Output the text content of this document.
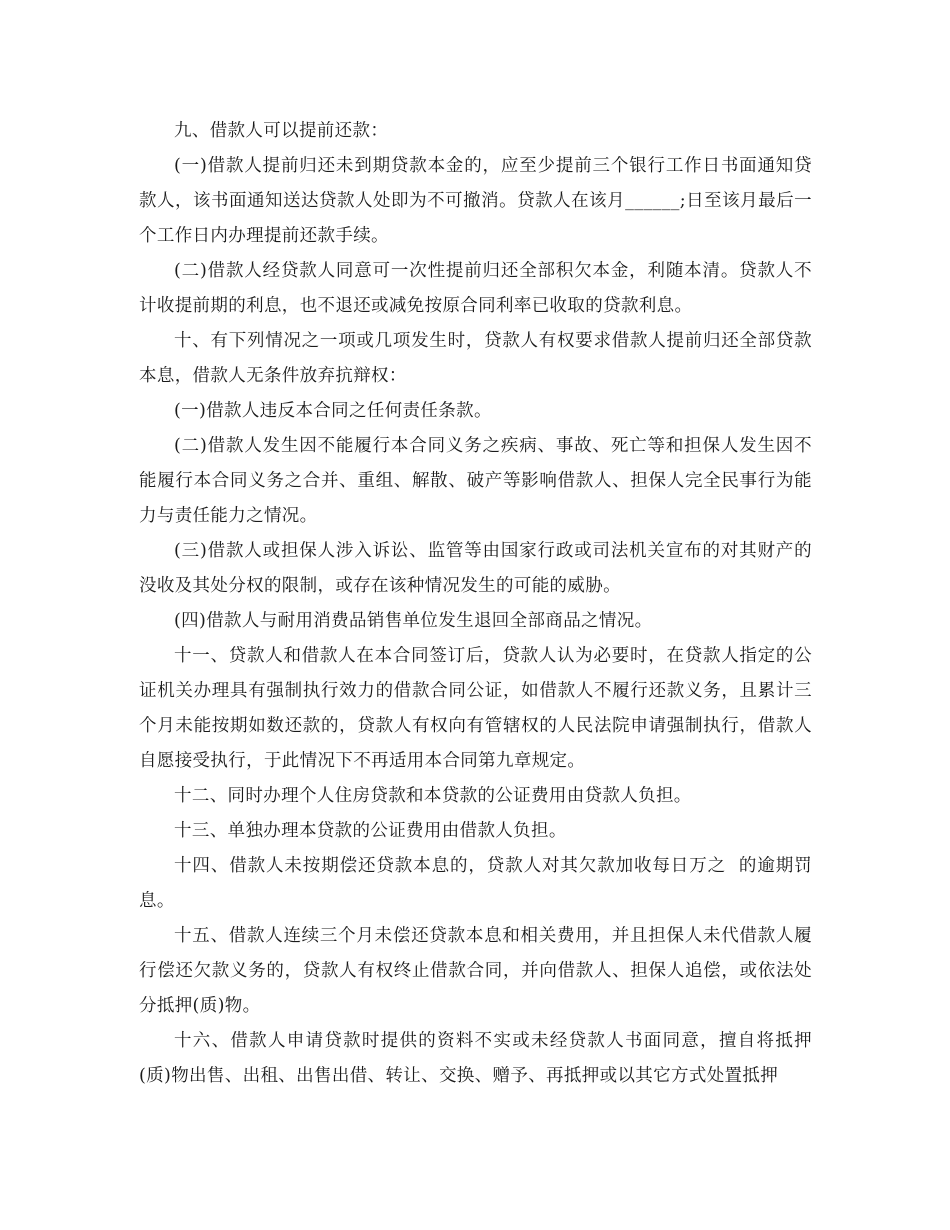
九、借款人可以提前还款：

(一)借款人提前归还未到期贷款本金的，应至少提前三个银行工作日书面通知贷款人，该书面通知送达贷款人处即为不可撤消。贷款人在该月______;日至该月最后一个工作日内办理提前还款手续。

(二)借款人经贷款人同意可一次性提前归还全部积欠本金，利随本清。贷款人不计收提前期的利息，也不退还或减免按原合同利率已收取的贷款利息。

十、有下列情况之一项或几项发生时，贷款人有权要求借款人提前归还全部贷款本息，借款人无条件放弃抗辩权：

(一)借款人违反本合同之任何责任条款。

(二)借款人发生因不能履行本合同义务之疾病、事故、死亡等和担保人发生因不能履行本合同义务之合并、重组、解散、破产等影响借款人、担保人完全民事行为能力与责任能力之情况。

(三)借款人或担保人涉入诉讼、监管等由国家行政或司法机关宣布的对其财产的没收及其处分权的限制，或存在该种情况发生的可能的威胁。

(四)借款人与耐用消费品销售单位发生退回全部商品之情况。

十一、贷款人和借款人在本合同签订后，贷款人认为必要时，在贷款人指定的公证机关办理具有强制执行效力的借款合同公证，如借款人不履行还款义务，且累计三个月未能按期如数还款的，贷款人有权向有管辖权的人民法院申请强制执行，借款人自愿接受执行，于此情况下不再适用本合同第九章规定。

十二、同时办理个人住房贷款和本贷款的公证费用由贷款人负担。

十三、单独办理本贷款的公证费用由借款人负担。

十四、借款人未按期偿还贷款本息的，贷款人对其欠款加收每日万之  的逾期罚息。

十五、借款人连续三个月未偿还贷款本息和相关费用，并且担保人未代借款人履行偿还欠款义务的，贷款人有权终止借款合同，并向借款人、担保人追偿，或依法处分抵押(质)物。

十六、借款人申请贷款时提供的资料不实或未经贷款人书面同意，擅自将抵押(质)物出售、出租、出售出借、转让、交换、赠予、再抵押或以其它方式处置抵押
